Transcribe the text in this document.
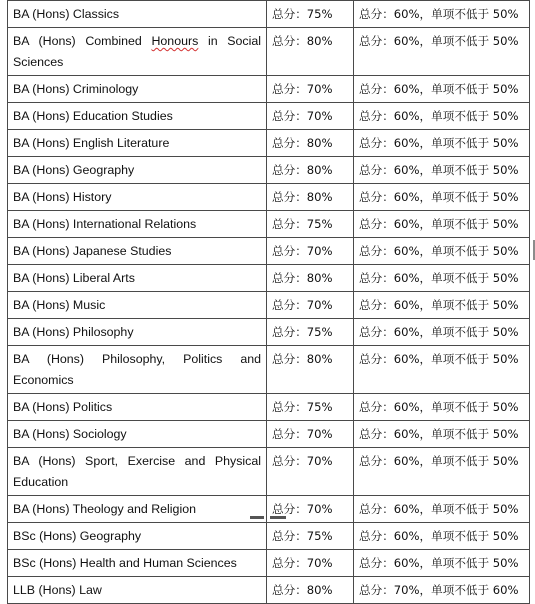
BA (Hons) Classics	总分：75%	总分：60%，单项不低于 50%
BA (Hons) Combined Honours in Social Sciences	总分：80%	总分：60%，单项不低于 50%
BA (Hons) Criminology	总分：70%	总分：60%，单项不低于 50%
BA (Hons) Education Studies	总分：70%	总分：60%，单项不低于 50%
BA (Hons) English Literature	总分：80%	总分：60%，单项不低于 50%
BA (Hons) Geography	总分：80%	总分：60%，单项不低于 50%
BA (Hons) History	总分：80%	总分：60%，单项不低于 50%
BA (Hons) International Relations	总分：75%	总分：60%，单项不低于 50%
BA (Hons) Japanese Studies	总分：70%	总分：60%，单项不低于 50%
BA (Hons) Liberal Arts	总分：80%	总分：60%，单项不低于 50%
BA (Hons) Music	总分：70%	总分：60%，单项不低于 50%
BA (Hons) Philosophy	总分：75%	总分：60%，单项不低于 50%
BA (Hons) Philosophy, Politics and Economics	总分：80%	总分：60%，单项不低于 50%
BA (Hons) Politics	总分：75%	总分：60%，单项不低于 50%
BA (Hons) Sociology	总分：70%	总分：60%，单项不低于 50%
BA (Hons) Sport, Exercise and Physical Education	总分：70%	总分：60%，单项不低于 50%
BA (Hons) Theology and Religion	总分：70%	总分：60%，单项不低于 50%
BSc (Hons) Geography	总分：75%	总分：60%，单项不低于 50%
BSc (Hons) Health and Human Sciences	总分：70%	总分：60%，单项不低于 50%
LLB (Hons) Law	总分：80%	总分：70%，单项不低于 60%
